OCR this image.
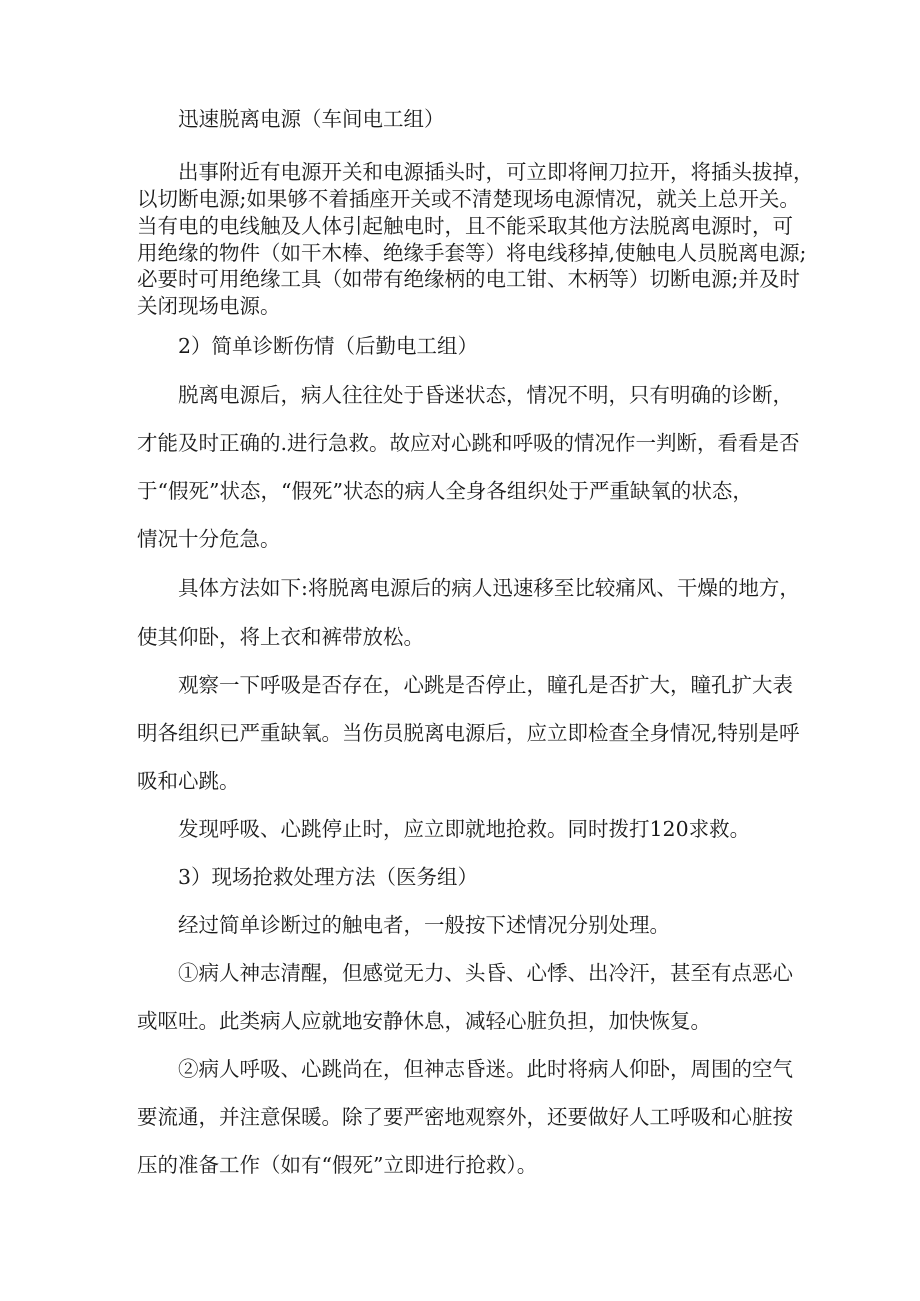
迅速脱离电源（车间电工组）

出事附近有电源开关和电源插头时，可立即将闸刀拉开，将插头拔掉，

以切断电源;如果够不着插座开关或不清楚现场电源情况，就关上总开关。

当有电的电线触及人体引起触电时，且不能采取其他方法脱离电源时，可

用绝缘的物件（如干木棒、绝缘手套等）将电线移掉,使触电人员脱离电源;

必要时可用绝缘工具（如带有绝缘柄的电工钳、木柄等）切断电源;并及时

关闭现场电源。

2）简单诊断伤情（后勤电工组）

脱离电源后，病人往往处于昏迷状态，情况不明，只有明确的诊断，

才能及时正确的.进行急救。故应对心跳和呼吸的情况作一判断，看看是否

于“假死”状态，“假死”状态的病人全身各组织处于严重缺氧的状态，

情况十分危急。

具体方法如下:将脱离电源后的病人迅速移至比较痛风、干燥的地方，

使其仰卧，将上衣和裤带放松。

观察一下呼吸是否存在，心跳是否停止，瞳孔是否扩大，瞳孔扩大表

明各组织已严重缺氧。当伤员脱离电源后，应立即检查全身情况,特别是呼

吸和心跳。

发现呼吸、心跳停止时，应立即就地抢救。同时拨打120求救。

3）现场抢救处理方法（医务组）

经过简单诊断过的触电者，一般按下述情况分别处理。

①病人神志清醒，但感觉无力、头昏、心悸、出冷汗，甚至有点恶心

或呕吐。此类病人应就地安静休息，减轻心脏负担，加快恢复。

②病人呼吸、心跳尚在，但神志昏迷。此时将病人仰卧，周围的空气

要流通，并注意保暖。除了要严密地观察外，还要做好人工呼吸和心脏按

压的准备工作（如有“假死”立即进行抢救）。
